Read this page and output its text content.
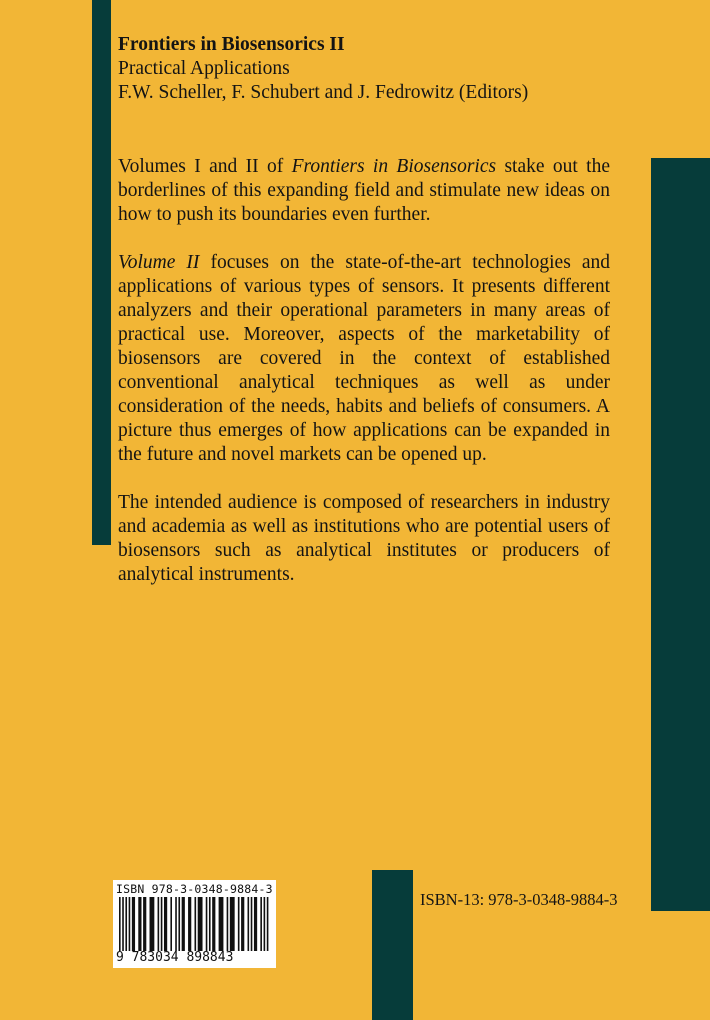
Frontiers in Biosensorics II
Practical Applications
F.W. Scheller, F. Schubert and J. Fedrowitz (Editors)

Volumes I and II of Frontiers in Biosensorics stake out the borderlines of this expanding field and stimulate new ideas on how to push its boundaries even further.

Volume II focuses on the state-of-the-art technologies and applications of various types of sensors. It presents different analyzers and their operational parameters in many areas of practical use. Moreover, aspects of the marketability of biosensors are covered in the context of established conventional analytical techniques as well as under consideration of the needs, habits and beliefs of consumers. A picture thus emerges of how applications can be expanded in the future and novel markets can be opened up.

The intended audience is composed of researchers in industry and academia as well as institutions who are potential users of biosensors such as analytical institutes or producers of analytical instruments.

ISBN 978-3-0348-9884-3
9 783034 898843
ISBN-13: 978-3-0348-9884-3
